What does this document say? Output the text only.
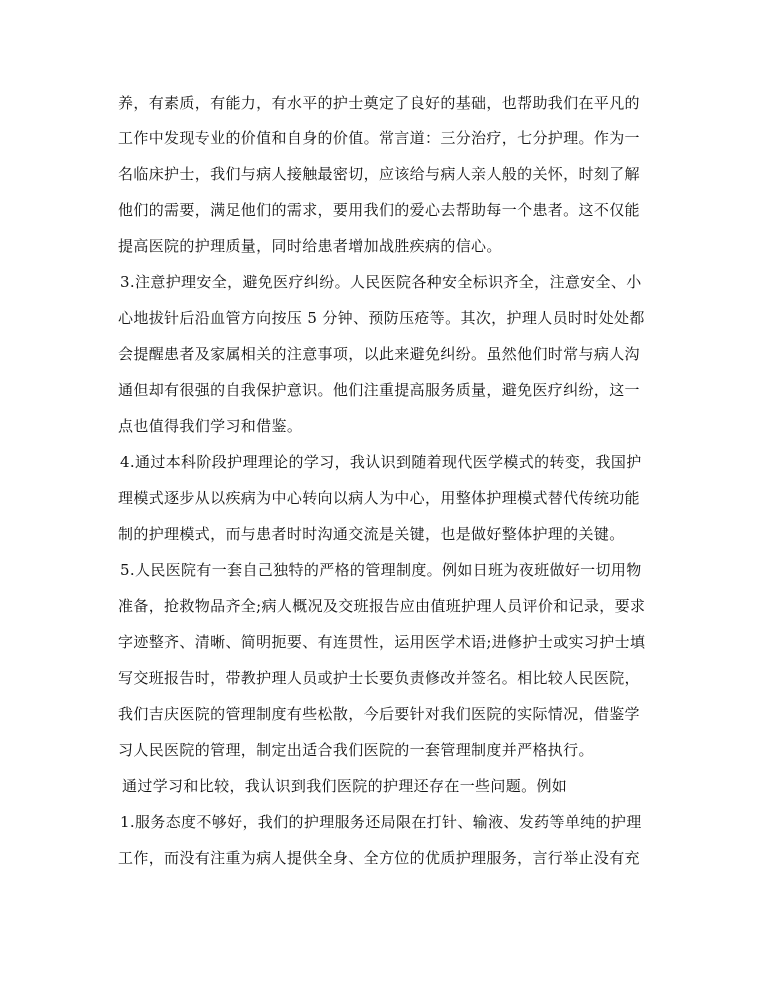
养，有素质，有能力，有水平的护士奠定了良好的基础，也帮助我们在平凡的
工作中发现专业的价值和自身的价值。常言道：三分治疗，七分护理。作为一
名临床护士，我们与病人接触最密切，应该给与病人亲人般的关怀，时刻了解
他们的需要，满足他们的需求，要用我们的爱心去帮助每一个患者。这不仅能
提高医院的护理质量，同时给患者增加战胜疾病的信心。
3.注意护理安全，避免医疗纠纷。人民医院各种安全标识齐全，注意安全、小
心地拔针后沿血管方向按压 5 分钟、预防压疮等。其次，护理人员时时处处都
会提醒患者及家属相关的注意事项，以此来避免纠纷。虽然他们时常与病人沟
通但却有很强的自我保护意识。他们注重提高服务质量，避免医疗纠纷，这一
点也值得我们学习和借鉴。
4.通过本科阶段护理理论的学习，我认识到随着现代医学模式的转变，我国护
理模式逐步从以疾病为中心转向以病人为中心，用整体护理模式替代传统功能
制的护理模式，而与患者时时沟通交流是关键，也是做好整体护理的关键。
5.人民医院有一套自己独特的严格的管理制度。例如日班为夜班做好一切用物
准备，抢救物品齐全;病人概况及交班报告应由值班护理人员评价和记录，要求
字迹整齐、清晰、简明扼要、有连贯性，运用医学术语;进修护士或实习护士填
写交班报告时，带教护理人员或护士长要负责修改并签名。相比较人民医院，
我们吉庆医院的管理制度有些松散，今后要针对我们医院的实际情况，借鉴学
习人民医院的管理，制定出适合我们医院的一套管理制度并严格执行。
通过学习和比较，我认识到我们医院的护理还存在一些问题。例如
1.服务态度不够好，我们的护理服务还局限在打针、输液、发药等单纯的护理
工作，而没有注重为病人提供全身、全方位的优质护理服务，言行举止没有充
